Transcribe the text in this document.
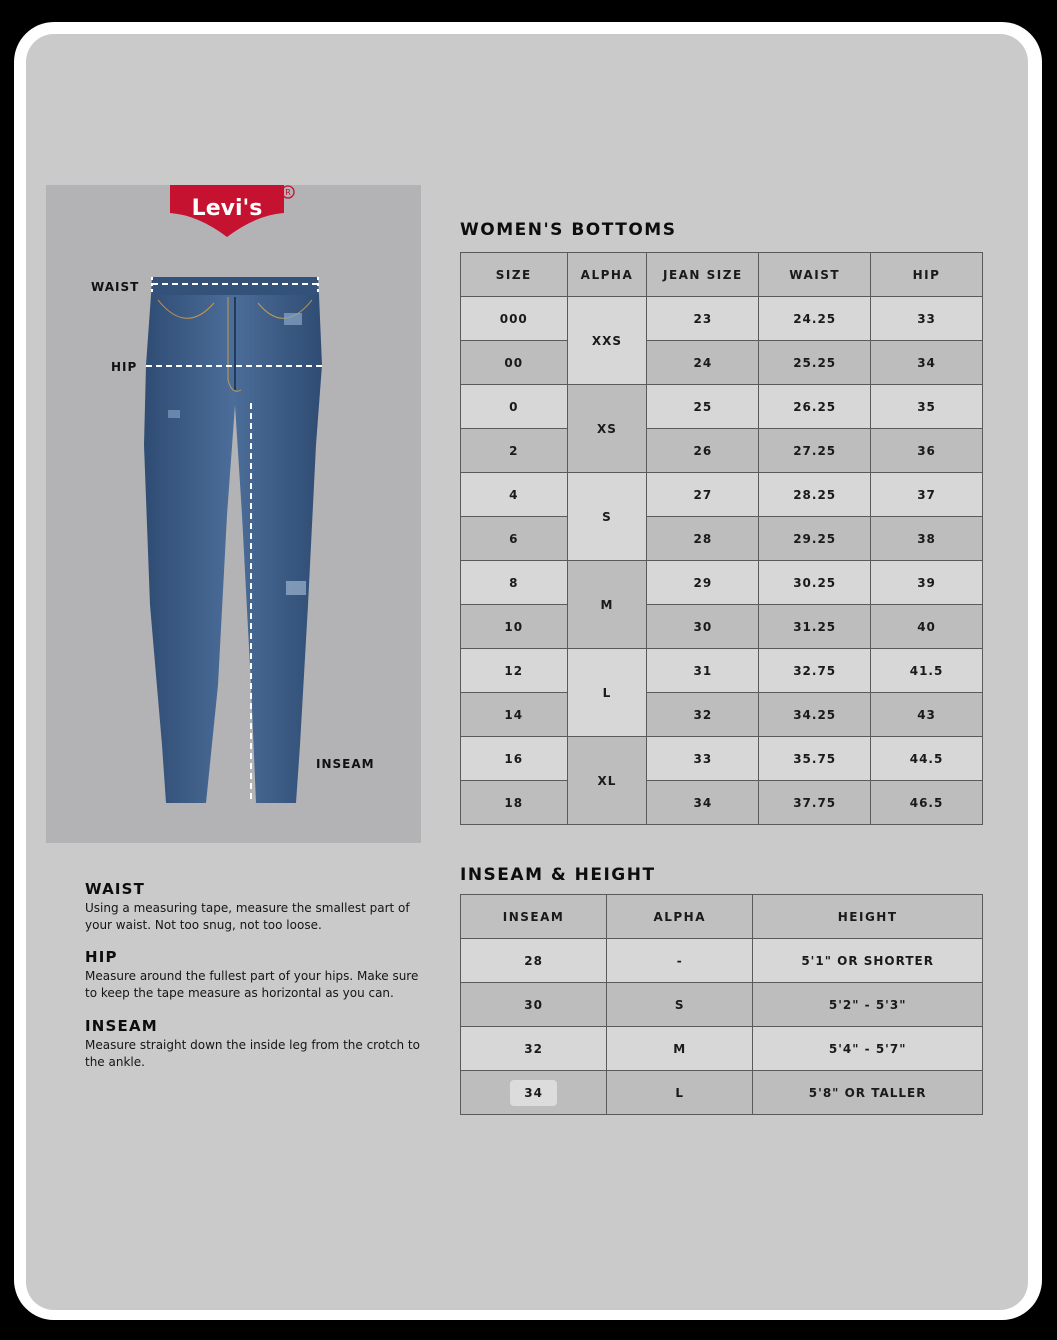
Levi's
R
WAIST
HIP
INSEAM
WAIST
Using a measuring tape, measure the smallest part of your waist. Not too snug, not too loose.
HIP
Measure around the fullest part of your hips. Make sure to keep the tape measure as horizontal as you can.
INSEAM
Measure straight down the inside leg from the crotch to the ankle.
WOMEN'S BOTTOMS
SIZE	ALPHA	JEAN SIZE	WAIST	HIP
000	XXS	23	24.25	33
00		24	25.25	34
0	XS	25	26.25	35
2		26	27.25	36
4	S	27	28.25	37
6		28	29.25	38
8	M	29	30.25	39
10		30	31.25	40
12	L	31	32.75	41.5
14		32	34.25	43
16	XL	33	35.75	44.5
18		34	37.75	46.5
INSEAM & HEIGHT
INSEAM	ALPHA	HEIGHT
28	-	5'1" OR SHORTER
30	S	5'2" - 5'3"
32	M	5'4" - 5'7"
34	L	5'8" OR TALLER
